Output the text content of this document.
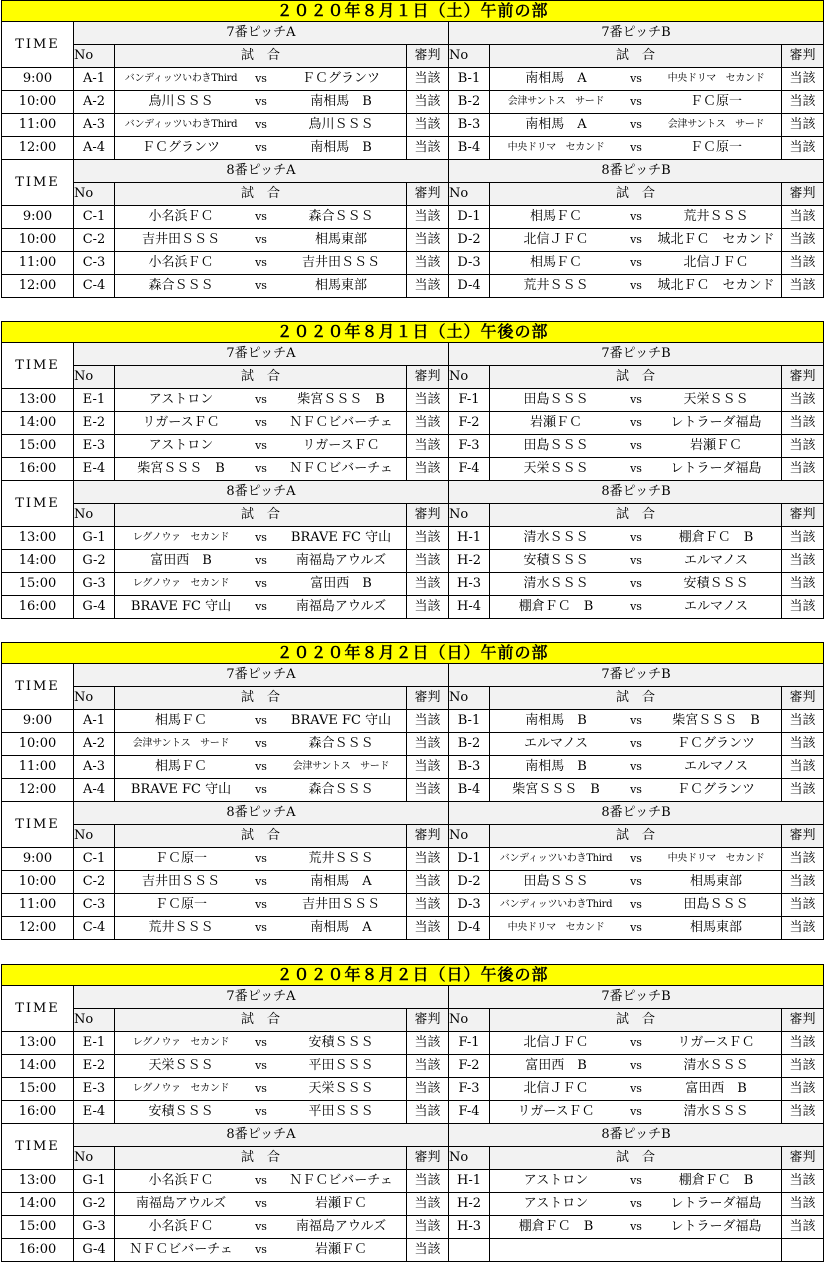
２０２０年８月１日（土）午前の部						
TIME	7番ピッチA			7番ピッチB		
	No	試　合	審判	No	試　合	審判
9:00	A-1	バンディッツいわきThird vs ＦＣグランツ	当該	B-1	南相馬　A vs 中央ドリマ　セカンド	当該
10:00	A-2	鳥川ＳＳＳ vs 南相馬　B	当該	B-2	会津サントス　サード vs ＦＣ原一	当該
11:00	A-3	バンディッツいわきThird vs 鳥川ＳＳＳ	当該	B-3	南相馬　A vs 会津サントス　サード	当該
12:00	A-4	ＦＣグランツ vs 南相馬　B	当該	B-4	中央ドリマ　セカンド vs ＦＣ原一	当該
TIME	8番ピッチA			8番ピッチB		
	No	試　合	審判	No	試　合	審判
9:00	C-1	小名浜ＦＣ vs 森合ＳＳＳ	当該	D-1	相馬ＦＣ vs 荒井ＳＳＳ	当該
10:00	C-2	吉井田ＳＳＳ vs 相馬東部	当該	D-2	北信ＪＦＣ vs 城北ＦＣ　セカンド	当該
11:00	C-3	小名浜ＦＣ vs 吉井田ＳＳＳ	当該	D-3	相馬ＦＣ vs 北信ＪＦＣ	当該
12:00	C-4	森合ＳＳＳ vs 相馬東部	当該	D-4	荒井ＳＳＳ vs 城北ＦＣ　セカンド	当該
２０２０年８月１日（土）午後の部						
TIME	7番ピッチA			7番ピッチB		
	No	試　合	審判	No	試　合	審判
13:00	E-1	アストロン vs 柴宮ＳＳＳ　B	当該	F-1	田島ＳＳＳ vs 天栄ＳＳＳ	当該
14:00	E-2	リガースＦＣ vs ＮＦＣビバーチェ	当該	F-2	岩瀬ＦＣ vs レトラーダ福島	当該
15:00	E-3	アストロン vs リガースＦＣ	当該	F-3	田島ＳＳＳ vs 岩瀬ＦＣ	当該
16:00	E-4	柴宮ＳＳＳ　B vs ＮＦＣビバーチェ	当該	F-4	天栄ＳＳＳ vs レトラーダ福島	当該
TIME	8番ピッチA			8番ピッチB		
	No	試　合	審判	No	試　合	審判
13:00	G-1	レグノウァ　セカンド vs BRAVE FC 守山	当該	H-1	清水ＳＳＳ vs 棚倉ＦＣ　B	当該
14:00	G-2	富田西　B vs 南福島アウルズ	当該	H-2	安積ＳＳＳ vs エルマノス	当該
15:00	G-3	レグノウァ　セカンド vs 富田西　B	当該	H-3	清水ＳＳＳ vs 安積ＳＳＳ	当該
16:00	G-4	BRAVE FC 守山 vs 南福島アウルズ	当該	H-4	棚倉ＦＣ　B vs エルマノス	当該
２０２０年８月２日（日）午前の部						
TIME	7番ピッチA			7番ピッチB		
	No	試　合	審判	No	試　合	審判
9:00	A-1	相馬ＦＣ vs BRAVE FC 守山	当該	B-1	南相馬　B vs 柴宮ＳＳＳ　B	当該
10:00	A-2	会津サントス　サード vs 森合ＳＳＳ	当該	B-2	エルマノス vs ＦＣグランツ	当該
11:00	A-3	相馬ＦＣ vs 会津サントス　サード	当該	B-3	南相馬　B vs エルマノス	当該
12:00	A-4	BRAVE FC 守山 vs 森合ＳＳＳ	当該	B-4	柴宮ＳＳＳ　B vs ＦＣグランツ	当該
TIME	8番ピッチA			8番ピッチB		
	No	試　合	審判	No	試　合	審判
9:00	C-1	ＦＣ原一 vs 荒井ＳＳＳ	当該	D-1	バンディッツいわきThird vs 中央ドリマ　セカンド	当該
10:00	C-2	吉井田ＳＳＳ vs 南相馬　A	当該	D-2	田島ＳＳＳ vs 相馬東部	当該
11:00	C-3	ＦＣ原一 vs 吉井田ＳＳＳ	当該	D-3	バンディッツいわきThird vs 田島ＳＳＳ	当該
12:00	C-4	荒井ＳＳＳ vs 南相馬　A	当該	D-4	中央ドリマ　セカンド vs 相馬東部	当該
２０２０年８月２日（日）午後の部						
TIME	7番ピッチA			7番ピッチB		
	No	試　合	審判	No	試　合	審判
13:00	E-1	レグノウァ　セカンド vs 安積ＳＳＳ	当該	F-1	北信ＪＦＣ vs リガースＦＣ	当該
14:00	E-2	天栄ＳＳＳ vs 平田ＳＳＳ	当該	F-2	富田西　B vs 清水ＳＳＳ	当該
15:00	E-3	レグノウァ　セカンド vs 天栄ＳＳＳ	当該	F-3	北信ＪＦＣ vs 富田西　B	当該
16:00	E-4	安積ＳＳＳ vs 平田ＳＳＳ	当該	F-4	リガースＦＣ vs 清水ＳＳＳ	当該
TIME	8番ピッチA			8番ピッチB		
	No	試　合	審判	No	試　合	審判
13:00	G-1	小名浜ＦＣ vs ＮＦＣビバーチェ	当該	H-1	アストロン vs 棚倉ＦＣ　B	当該
14:00	G-2	南福島アウルズ vs 岩瀬ＦＣ	当該	H-2	アストロン vs レトラーダ福島	当該
15:00	G-3	小名浜ＦＣ vs 南福島アウルズ	当該	H-3	棚倉ＦＣ　B vs レトラーダ福島	当該
16:00	G-4	ＮＦＣビバーチェ vs 岩瀬ＦＣ	当該			
